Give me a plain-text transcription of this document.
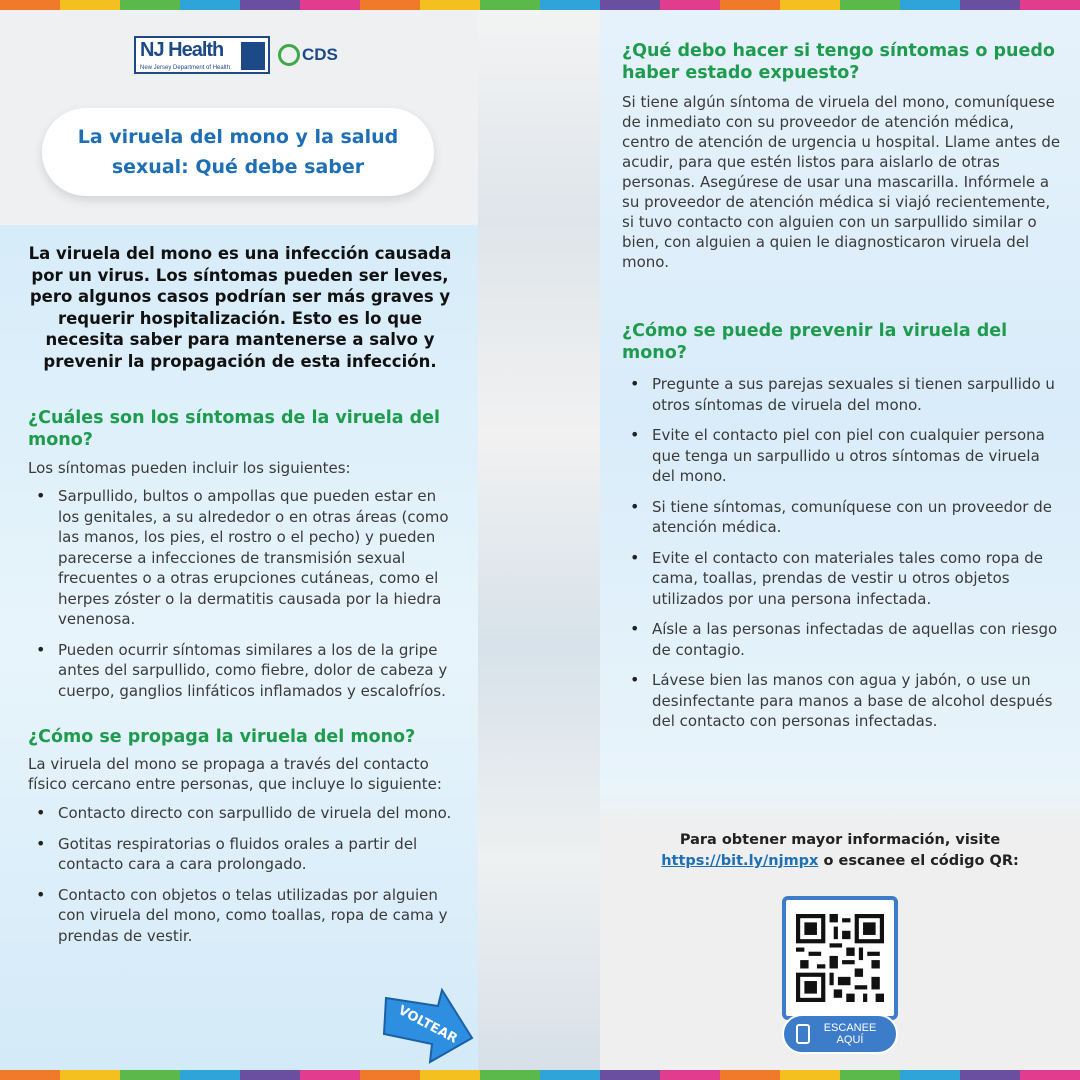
NJ Health
New Jersey Department of Health
CDS
La viruela del mono y la salud sexual: Qué debe saber

La viruela del mono es una infección causada por un virus. Los síntomas pueden ser leves, pero algunos casos podrían ser más graves y requerir hospitalización. Esto es lo que necesita saber para mantenerse a salvo y prevenir la propagación de esta infección.

¿Cuáles son los síntomas de la viruela del mono?

Los síntomas pueden incluir los siguientes:

• Sarpullido, bultos o ampollas que pueden estar en los genitales, a su alrededor o en otras áreas (como las manos, los pies, el rostro o el pecho) y pueden parecerse a infecciones de transmisión sexual frecuentes o a otras erupciones cutáneas, como el herpes zóster o la dermatitis causada por la hiedra venenosa.
• Pueden ocurrir síntomas similares a los de la gripe antes del sarpullido, como fiebre, dolor de cabeza y cuerpo, ganglios linfáticos inflamados y escalofríos.
¿Cómo se propaga la viruela del mono?

La viruela del mono se propaga a través del contacto físico cercano entre personas, que incluye lo siguiente:

• Contacto directo con sarpullido de viruela del mono.
• Gotitas respiratorias o fluidos orales a partir del contacto cara a cara prolongado.
• Contacto con objetos o telas utilizadas por alguien con viruela del mono, como toallas, ropa de cama y prendas de vestir.
VOLTEAR
¿Qué debo hacer si tengo síntomas o puedo haber estado expuesto?

Si tiene algún síntoma de viruela del mono, comuníquese de inmediato con su proveedor de atención médica, centro de atención de urgencia u hospital. Llame antes de acudir, para que estén listos para aislarlo de otras personas. Asegúrese de usar una mascarilla. Infórmele a su proveedor de atención médica si viajó recientemente, si tuvo contacto con alguien con un sarpullido similar o bien, con alguien a quien le diagnosticaron viruela del mono.

¿Cómo se puede prevenir la viruela del mono?
• Pregunte a sus parejas sexuales si tienen sarpullido u otros síntomas de viruela del mono.
• Evite el contacto piel con piel con cualquier persona que tenga un sarpullido u otros síntomas de viruela del mono.
• Si tiene síntomas, comuníquese con un proveedor de atención médica.
• Evite el contacto con materiales tales como ropa de cama, toallas, prendas de vestir u otros objetos utilizados por una persona infectada.
• Aísle a las personas infectadas de aquellas con riesgo de contagio.
• Lávese bien las manos con agua y jabón, o use un desinfectante para manos a base de alcohol después del contacto con personas infectadas.
Para obtener mayor información, visite
https://bit.ly/njmpx o escanee el código QR:
ESCANEE AQUÍ
